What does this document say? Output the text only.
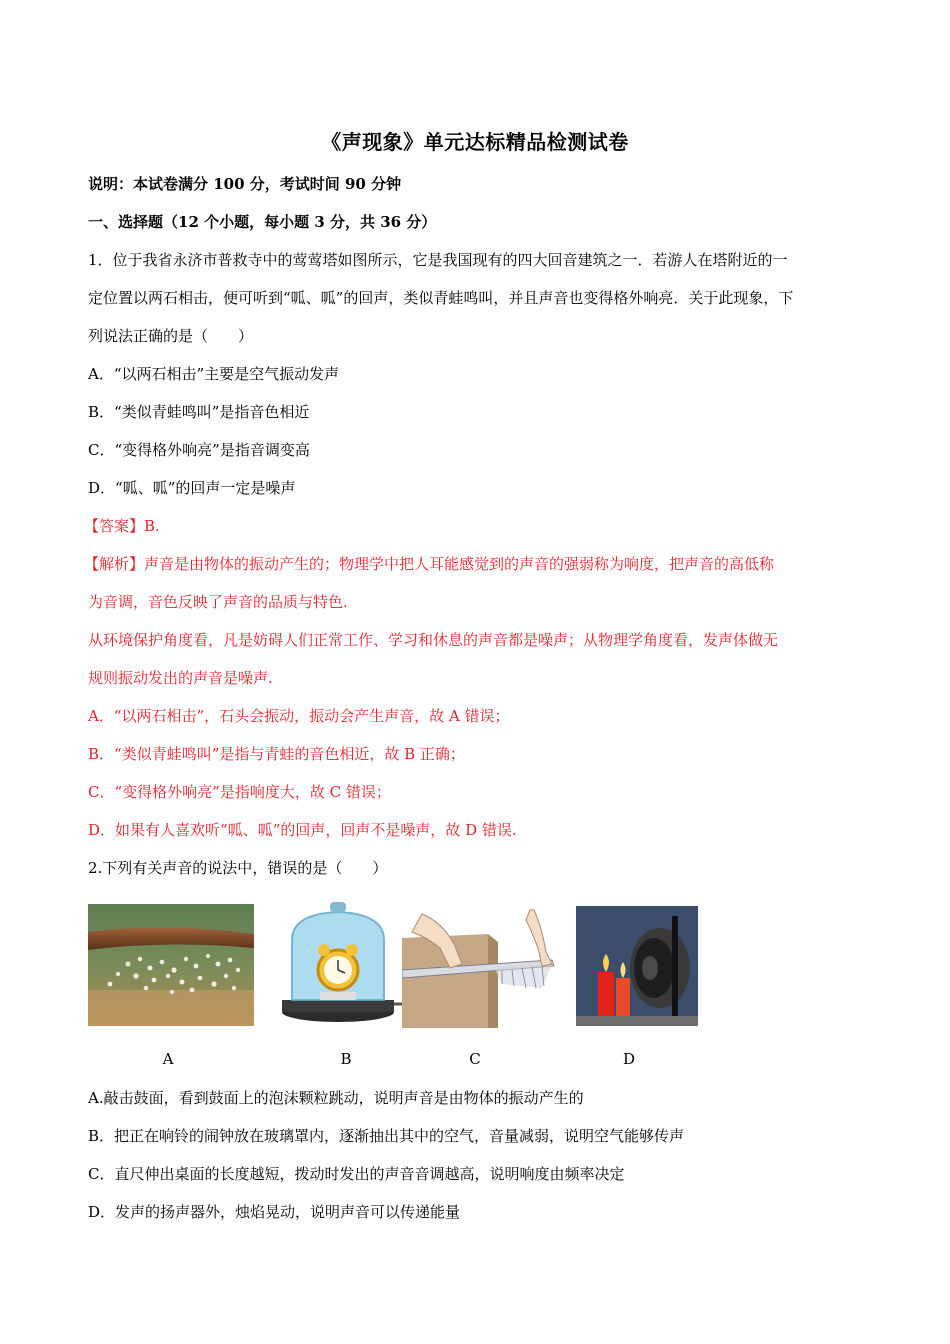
《声现象》单元达标精品检测试卷
说明：本试卷满分 100 分，考试时间 90 分钟
一、选择题（12 个小题，每小题 3 分，共 36 分）
1．位于我省永济市普救寺中的莺莺塔如图所示，它是我国现有的四大回音建筑之一．若游人在塔附近的一
定位置以两石相击，便可听到“呱、呱”的回声，类似青蛙鸣叫，并且声音也变得格外响亮．关于此现象，下
列说法正确的是（　　）
A．“以两石相击”主要是空气振动发声
B．“类似青蛙鸣叫”是指音色相近
C．“变得格外响亮”是指音调变高
D．“呱、呱”的回声一定是噪声
【答案】B.
【解析】声音是由物体的振动产生的；物理学中把人耳能感觉到的声音的强弱称为响度，把声音的高低称
为音调，音色反映了声音的品质与特色.
从环境保护角度看，凡是妨碍人们正常工作、学习和休息的声音都是噪声；从物理学角度看，发声体做无
规则振动发出的声音是噪声.
A．“以两石相击”，石头会振动，振动会产生声音，故 A 错误；
B．“类似青蛙鸣叫”是指与青蛙的音色相近，故 B 正确；
C．“变得格外响亮”是指响度大，故 C 错误；
D．如果有人喜欢听“呱、呱”的回声，回声不是噪声，故 D 错误.
2.下列有关声音的说法中，错误的是（　　）
A	B	C	D
A.敲击鼓面，看到鼓面上的泡沫颗粒跳动，说明声音是由物体的振动产生的
B．把正在响铃的闹钟放在玻璃罩内，逐渐抽出其中的空气，音量减弱，说明空气能够传声
C．直尺伸出桌面的长度越短，拨动时发出的声音音调越高，说明响度由频率决定
D．发声的扬声器外，烛焰晃动，说明声音可以传递能量
